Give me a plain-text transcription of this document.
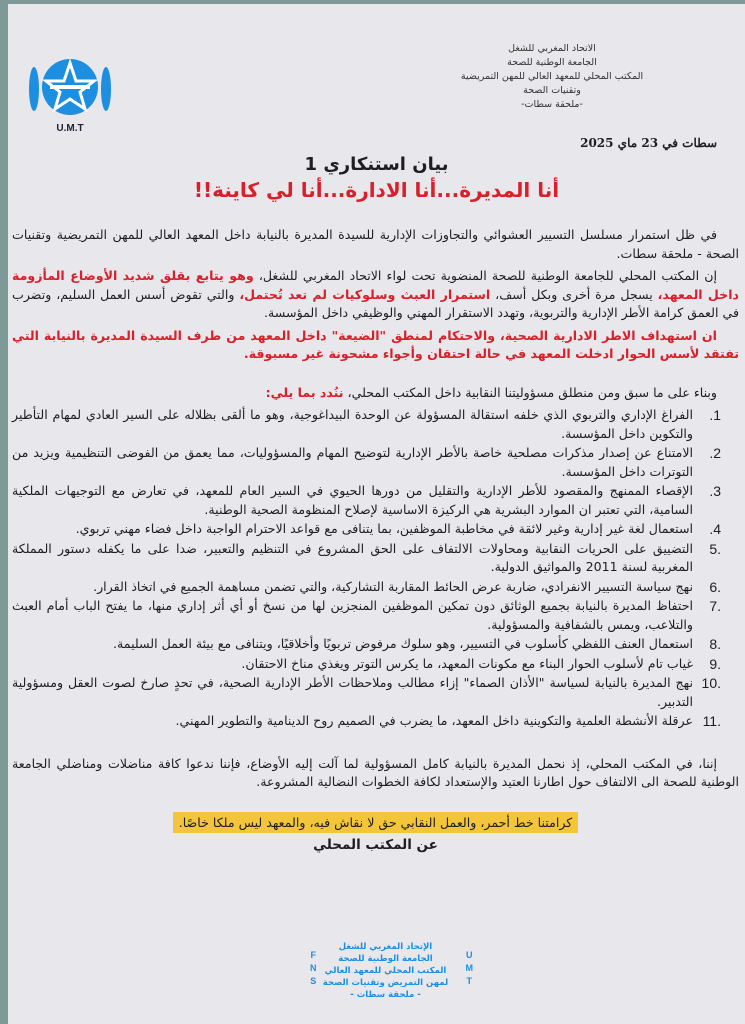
الاتحاد المغربي للشغل
الجامعة الوطنية للصحة
المكتب المحلي للمعهد العالي للمهن التمريضية
وتقنيات الصحة
-ملحقة سطات-
U.M.T
سطات في 23 ماي 2025
بيان استنكاري 1
أنا المديرة...أنا الادارة...أنا لي كاينة!!

في ظل استمرار مسلسل التسيير العشوائي والتجاوزات الإدارية للسيدة المديرة بالنيابة داخل المعهد العالي للمهن التمريضية وتقنيات الصحة - ملحقة سطات.

إن المكتب المحلي للجامعة الوطنية للصحة المنضوية تحت لواء الاتحاد المغربي للشغل، وهو يتابع بقلق شديد الأوضاع المأزومة داخل المعهد، يسجل مرة أخرى وبكل أسف، استمرار العبث وسلوكيات لم تعد تُحتمل، والتي تقوض أسس العمل السليم، وتضرب في العمق كرامة الأطر الإدارية والتربوية، وتهدد الاستقرار المهني والوظيفي داخل المؤسسة.

ان استهداف الاطر الادارية الصحية، والاحتكام لمنطق "الضيعة" داخل المعهد من طرف السيدة المديرة بالنيابة التي تفتقد لأسس الحوار ادخلت المعهد في حالة احتقان وأجواء مشحونة غير مسبوقة.

وبناء على ما سبق ومن منطلق مسؤوليتنا النقابية داخل المكتب المحلي، ننُدد بما يلي:

1.
الفراغ الإداري والتربوي الذي خلفه استقالة المسؤولة عن الوحدة البيداغوجية، وهو ما ألقى بظلاله على السير العادي لمهام التأطير والتكوين داخل المؤسسة.
2.
الامتناع عن إصدار مذكرات مصلحية خاصة بالأطر الإدارية لتوضيح المهام والمسؤوليات، مما يعمق من الفوضى التنظيمية ويزيد من التوترات داخل المؤسسة.
3.
الإقصاء الممنهج والمقصود للأطر الإدارية والتقليل من دورها الحيوي في السير العام للمعهد، في تعارض مع التوجيهات الملكية السامية، التي تعتبر ان الموارد البشرية هي الركيزة الاساسية لإصلاح المنظومة الصحية الوطنية.
4.
استعمال لغة غير إدارية وغير لائقة في مخاطبة الموظفين، بما يتنافى مع قواعد الاحترام الواجبة داخل فضاء مهني تربوي.
.5
التضييق على الحريات النقابية ومحاولات الالتفاف على الحق المشروع في التنظيم والتعبير، ضدا على ما يكفله دستور المملكة المغربية لسنة 2011 والمواثيق الدولية.
.6
نهج سياسة التسيير الانفرادي، ضاربة عرض الحائط المقاربة التشاركية، والتي تضمن مساهمة الجميع في اتخاذ القرار.
.7
احتفاظ المديرة بالنيابة بجميع الوثائق دون تمكين الموظفين المنجزين لها من نسخ أو أي أثر إداري منها، ما يفتح الباب أمام العبث والتلاعب، ويمس بالشفافية والمسؤولية.
.8
استعمال العنف اللفظي كأسلوب في التسيير، وهو سلوك مرفوض تربويًا وأخلاقيًا، ويتنافى مع بيئة العمل السليمة.
.9
غياب تام لأسلوب الحوار البناء مع مكونات المعهد، ما يكرس التوتر ويغذي مناخ الاحتقان.
.10
نهج المديرة بالنيابة لسياسة "الأذان الصماء" إزاء مطالب وملاحظات الأطر الإدارية الصحية، في تحدٍ صارخ لصوت العقل ومسؤولية التدبير.
.11
عرقلة الأنشطة العلمية والتكوينية داخل المعهد، ما يضرب في الصميم روح الدينامية والتطوير المهني.

إننا، في المكتب المحلي، إذ نحمل المديرة بالنيابة كامل المسؤولية لما آلت إليه الأوضاع، فإننا ندعوا كافة مناضلات ومناضلي الجامعة الوطنية للصحة الى الالتفاف حول اطارنا العتيد والإستعداد لكافة الخطوات النضالية المشروعة.

كرامتنا خط أحمر، والعمل النقابي حق لا نقاش فيه، والمعهد ليس ملكا خاصًا.
عن المكتب المحلي
U
M
T
F
N
S
الإتحاد المغربي للشغل
الجامعة الوطنية للصحة
المكتب المحلي للمعهد العالي
لمهن التمريض وتقنيات الصحة
- ملحقة سطات -
